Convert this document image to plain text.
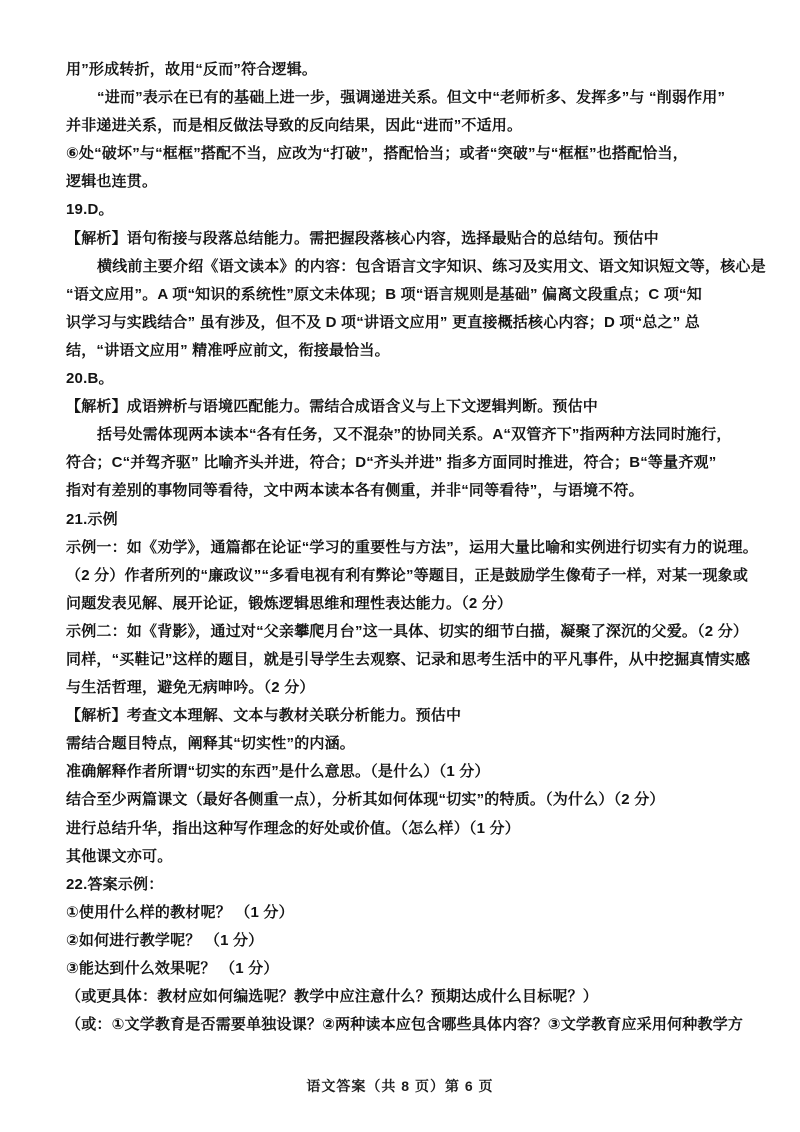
用”形成转折，故用“反而”符合逻辑。
“进而”表示在已有的基础上进一步，强调递进关系。但文中“老师析多、发挥多”与 “削弱作用”
并非递进关系，而是相反做法导致的反向结果，因此“进而”不适用。
⑥处“破坏”与“框框”搭配不当，应改为“打破”，搭配恰当；或者“突破”与“框框”也搭配恰当，
逻辑也连贯。
19.D。
【解析】语句衔接与段落总结能力。需把握段落核心内容，选择最贴合的总结句。预估中
横线前主要介绍《语文读本》的内容：包含语言文字知识、练习及实用文、语文知识短文等，核心是
“语文应用”。A 项“知识的系统性”原文未体现；B 项“语言规则是基础” 偏离文段重点；C 项“知
识学习与实践结合” 虽有涉及，但不及 D 项“讲语文应用” 更直接概括核心内容；D 项“总之” 总
结，“讲语文应用” 精准呼应前文，衔接最恰当。
20.B。
【解析】成语辨析与语境匹配能力。需结合成语含义与上下文逻辑判断。预估中
括号处需体现两本读本“各有任务，又不混杂”的协同关系。A“双管齐下”指两种方法同时施行，
符合；C“并驾齐驱” 比喻齐头并进，符合；D“齐头并进” 指多方面同时推进，符合；B“等量齐观”
指对有差别的事物同等看待，文中两本读本各有侧重，并非“同等看待”，与语境不符。
21.示例
示例一：如《劝学》，通篇都在论证“学习的重要性与方法”，运用大量比喻和实例进行切实有力的说理。
（2 分）作者所列的“廉政议”“多看电视有利有弊论”等题目，正是鼓励学生像荀子一样，对某一现象或
问题发表见解、展开论证，锻炼逻辑思维和理性表达能力。（2 分）
示例二：如《背影》，通过对“父亲攀爬月台”这一具体、切实的细节白描，凝聚了深沉的父爱。（2 分）
同样，“买鞋记”这样的题目，就是引导学生去观察、记录和思考生活中的平凡事件，从中挖掘真情实感
与生活哲理，避免无病呻吟。（2 分）
【解析】考查文本理解、文本与教材关联分析能力。预估中
需结合题目特点，阐释其“切实性”的内涵。
准确解释作者所谓“切实的东西”是什么意思。（是什么）（1 分）
结合至少两篇课文（最好各侧重一点），分析其如何体现“切实”的特质。（为什么）（2 分）
进行总结升华，指出这种写作理念的好处或价值。（怎么样）（1 分）
其他课文亦可。
22.答案示例：
①使用什么样的教材呢？ （1 分）
②如何进行教学呢？ （1 分）
③能达到什么效果呢？ （1 分）
（或更具体：教材应如何编选呢？教学中应注意什么？预期达成什么目标呢？）
（或：①文学教育是否需要单独设课？②两种读本应包含哪些具体内容？③文学教育应采用何种教学方
语文答案（共 8 页）第 6 页
